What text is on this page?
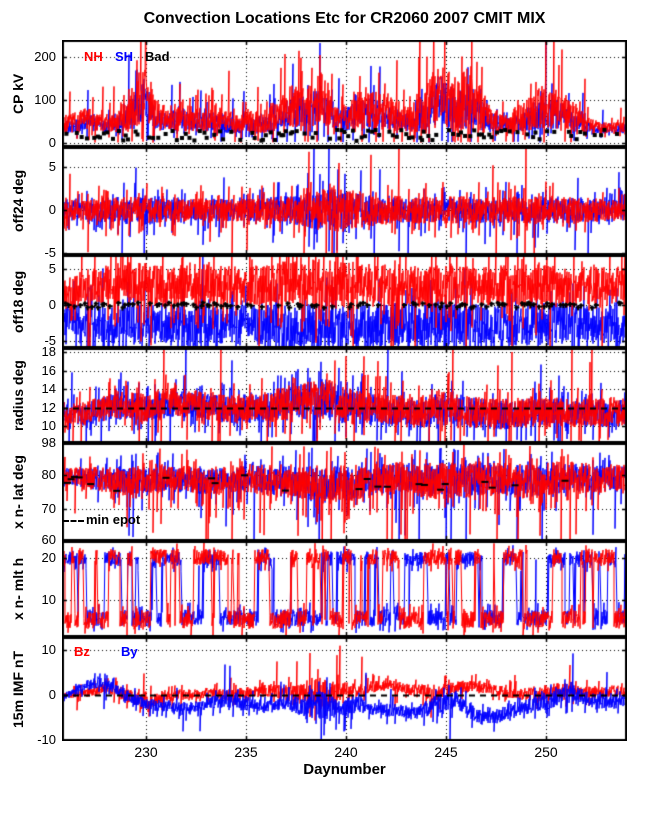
Convection Locations Etc for CR2060 2007 CMIT MIX
CP kV
off24 deg
off18 deg
radius deg
x n- lat deg
x n- mlt h
15m IMF nT
Daynumber
200
100
0
NH SH Bad
5
0
-5
5
0
-5
18
16
14
12
10
98
80
70
60
min epot
20
10
10
0
-10
Bz By
230	235	240	245	250
